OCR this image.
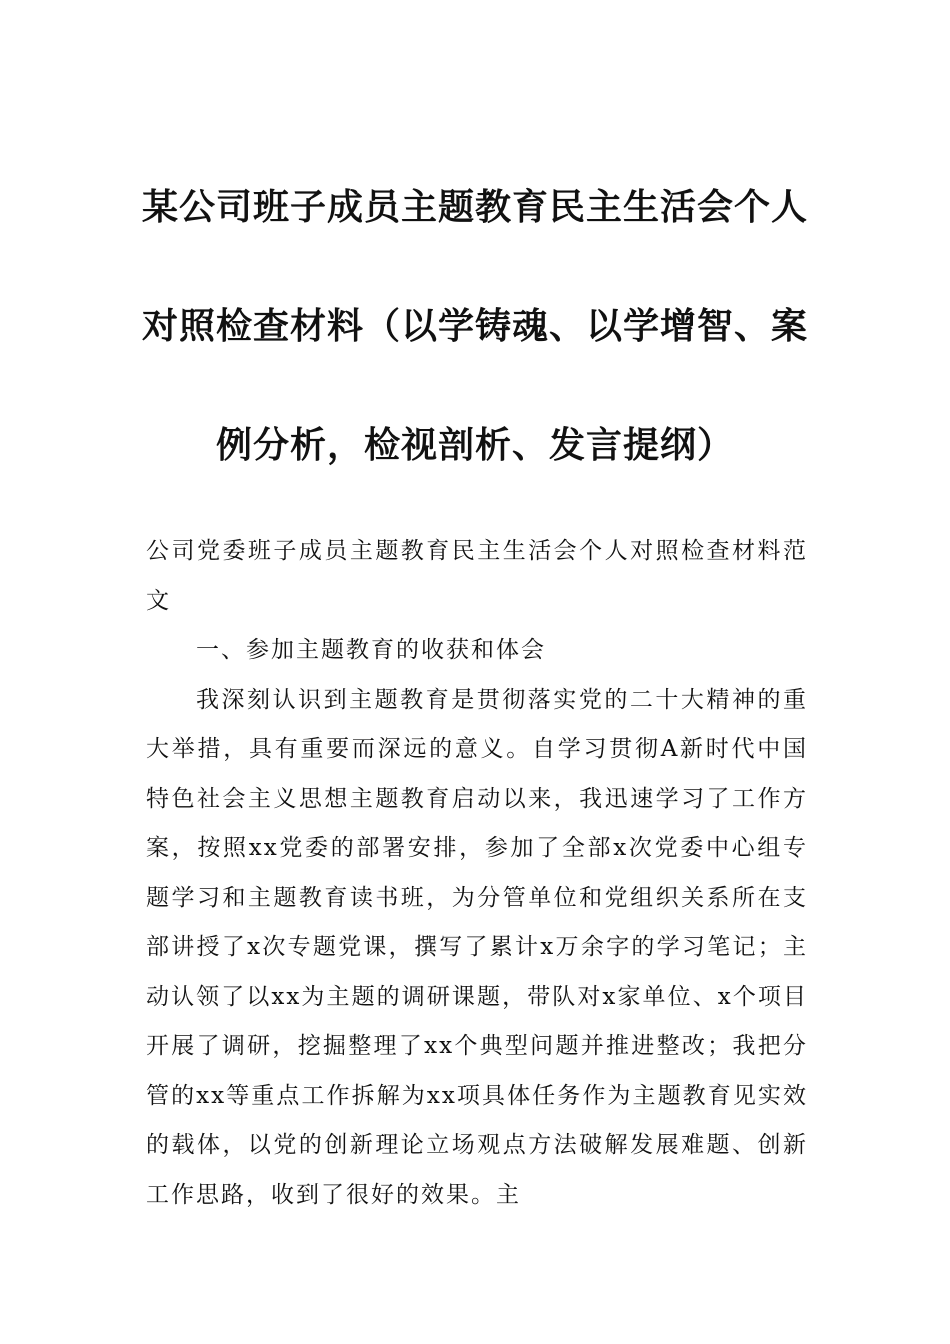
某公司班子成员主题教育民主生活会个人
对照检查材料（以学铸魂、以学增智、案
例分析，检视剖析、发言提纲）

公司党委班子成员主题教育民主生活会个人对照检查材料范文

一、参加主题教育的收获和体会

我深刻认识到主题教育是贯彻落实党的二十大精神的重大举措，具有重要而深远的意义。自学习贯彻A新时代中国特色社会主义思想主题教育启动以来，我迅速学习了工作方案，按照xx党委的部署安排，参加了全部x次党委中心组专题学习和主题教育读书班，为分管单位和党组织关系所在支部讲授了x次专题党课，撰写了累计x万余字的学习笔记；主动认领了以xx为主题的调研课题，带队对x家单位、x个项目开展了调研，挖掘整理了xx个典型问题并推进整改；我把分管的xx等重点工作拆解为xx项具体任务作为主题教育见实效的载体，以党的创新理论立场观点方法破解发展难题、创新工作思路，收到了很好的效果。主
